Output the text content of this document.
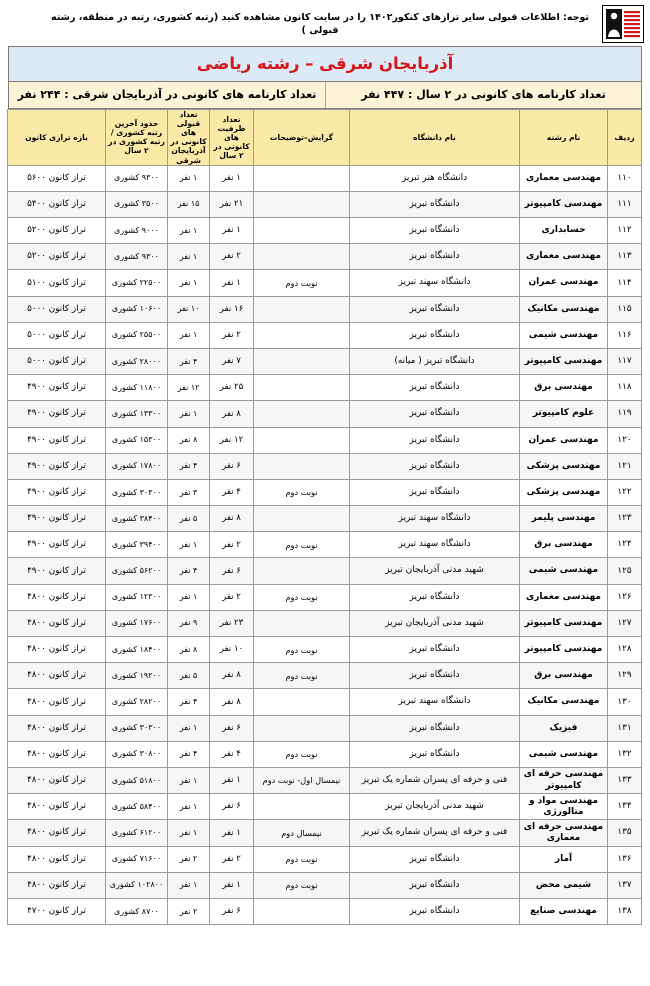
توجه: اطلاعات قبولی سایر ترازهای کنکور۱۴۰۲ را در سایت کانون مشاهده کنید (رتبه کشوری، رتبه در منطقه، رشته قبولی )
آذربایجان شرقی – رشته ریاضی
تعداد کارنامه های کانونی در ۲ سال : ۴۴۷ نفر
تعداد کارنامه های کانونی در آذربایجان شرقی : ۲۴۴ نفر
ردیف	نام رشته	نام دانشگاه	گرایش–توضیحات	تعداد ظرفیت های کانونی در ۲ سال	تعداد قبولی های کانونی در آذربایجان شرقی	حدود آخرین رتبه کشوری / رتبه کشوری در ۲ سال	بازه ترازی کانون
۱۱۰	مهندسی معماری	دانشگاه هنر تبریز		۱ نفر	۱ نفر	۹۳۰۰ کشوری	تراز کانون ۵۶۰۰
۱۱۱	مهندسی کامپیوتر	دانشگاه تبریز		۲۱ نفر	۱۵ نفر	۳۵۰۰ کشوری	تراز کانون ۵۴۰۰
۱۱۲	حسابداری	دانشگاه تبریز		۱ نفر	۱ نفر	۹۰۰۰ کشوری	تراز کانون ۵۲۰۰
۱۱۳	مهندسی معماری	دانشگاه تبریز		۲ نفر	۱ نفر	۹۳۰۰ کشوری	تراز کانون ۵۲۰۰
۱۱۴	مهندسی عمران	دانشگاه سهند تبریز	نوبت دوم	۱ نفر	۱ نفر	۲۲۵۰۰ کشوری	تراز کانون ۵۱۰۰
۱۱۵	مهندسی مکانیک	دانشگاه تبریز		۱۶ نفر	۱۰ نفر	۱۰۶۰۰ کشوری	تراز کانون ۵۰۰۰
۱۱۶	مهندسی شیمی	دانشگاه تبریز		۲ نفر	۱ نفر	۲۵۵۰۰ کشوری	تراز کانون ۵۰۰۰
۱۱۷	مهندسی کامپیوتر	دانشگاه تبریز ( میانه)		۷ نفر	۴ نفر	۲۸۰۰۰ کشوری	تراز کانون ۵۰۰۰
۱۱۸	مهندسی برق	دانشگاه تبریز		۲۵ نفر	۱۲ نفر	۱۱۸۰۰ کشوری	تراز کانون ۴۹۰۰
۱۱۹	علوم کامپیوتر	دانشگاه تبریز		۸ نفر	۱ نفر	۱۳۳۰۰ کشوری	تراز کانون ۴۹۰۰
۱۲۰	مهندسی عمران	دانشگاه تبریز		۱۲ نفر	۸ نفر	۱۵۳۰۰ کشوری	تراز کانون ۴۹۰۰
۱۲۱	مهندسی پزشکی	دانشگاه تبریز		۶ نفر	۴ نفر	۱۷۸۰۰ کشوری	تراز کانون ۴۹۰۰
۱۲۲	مهندسی پزشکی	دانشگاه تبریز	نوبت دوم	۴ نفر	۳ نفر	۳۰۳۰۰ کشوری	تراز کانون ۴۹۰۰
۱۲۳	مهندسی پلیمر	دانشگاه سهند تبریز		۸ نفر	۵ نفر	۳۸۴۰۰ کشوری	تراز کانون ۴۹۰۰
۱۲۴	مهندسی برق	دانشگاه سهند تبریز	نوبت دوم	۲ نفر	۱ نفر	۳۹۴۰۰ کشوری	تراز کانون ۴۹۰۰
۱۲۵	مهندسی شیمی	شهید مدنی آذربایجان تبریز		۶ نفر	۴ نفر	۵۶۲۰۰ کشوری	تراز کانون ۴۹۰۰
۱۲۶	مهندسی معماری	دانشگاه تبریز	نوبت دوم	۲ نفر	۱ نفر	۱۲۳۰۰ کشوری	تراز کانون ۴۸۰۰
۱۲۷	مهندسی کامپیوتر	شهید مدنی آذربایجان تبریز		۲۳ نفر	۹ نفر	۱۷۶۰۰ کشوری	تراز کانون ۴۸۰۰
۱۲۸	مهندسی کامپیوتر	دانشگاه تبریز	نوبت دوم	۱۰ نفر	۸ نفر	۱۸۴۰۰ کشوری	تراز کانون ۴۸۰۰
۱۲۹	مهندسی برق	دانشگاه تبریز	نوبت دوم	۸ نفر	۵ نفر	۱۹۲۰۰ کشوری	تراز کانون ۴۸۰۰
۱۳۰	مهندسی مکانیک	دانشگاه سهند تبریز		۸ نفر	۴ نفر	۲۸۲۰۰ کشوری	تراز کانون ۴۸۰۰
۱۳۱	فیزیک	دانشگاه تبریز		۶ نفر	۱ نفر	۳۰۳۰۰ کشوری	تراز کانون ۴۸۰۰
۱۳۲	مهندسی شیمی	دانشگاه تبریز	نوبت دوم	۴ نفر	۴ نفر	۳۰۸۰۰ کشوری	تراز کانون ۴۸۰۰
۱۳۳	مهندسی حرفه ای کامپیوتر	فنی و حرفه ای پسران شماره یک تبریز	نیمسال اول- نوبت دوم	۱ نفر	۱ نفر	۵۱۸۰۰ کشوری	تراز کانون ۴۸۰۰
۱۳۴	مهندسی مواد و متالورژی	شهید مدنی آذربایجان تبریز		۶ نفر	۱ نفر	۵۸۴۰۰ کشوری	تراز کانون ۴۸۰۰
۱۳۵	مهندسی حرفه ای معماری	فنی و حرفه ای پسران شماره یک تبریز	نیمسال دوم	۱ نفر	۱ نفر	۶۱۲۰۰ کشوری	تراز کانون ۴۸۰۰
۱۳۶	آمار	دانشگاه تبریز	نوبت دوم	۲ نفر	۲ نفر	۷۱۶۰۰ کشوری	تراز کانون ۴۸۰۰
۱۳۷	شیمی محض	دانشگاه تبریز	نوبت دوم	۱ نفر	۱ نفر	۱۰۲۸۰۰ کشوری	تراز کانون ۴۸۰۰
۱۳۸	مهندسی صنایع	دانشگاه تبریز		۶ نفر	۲ نفر	۸۷۰۰ کشوری	تراز کانون ۴۷۰۰
